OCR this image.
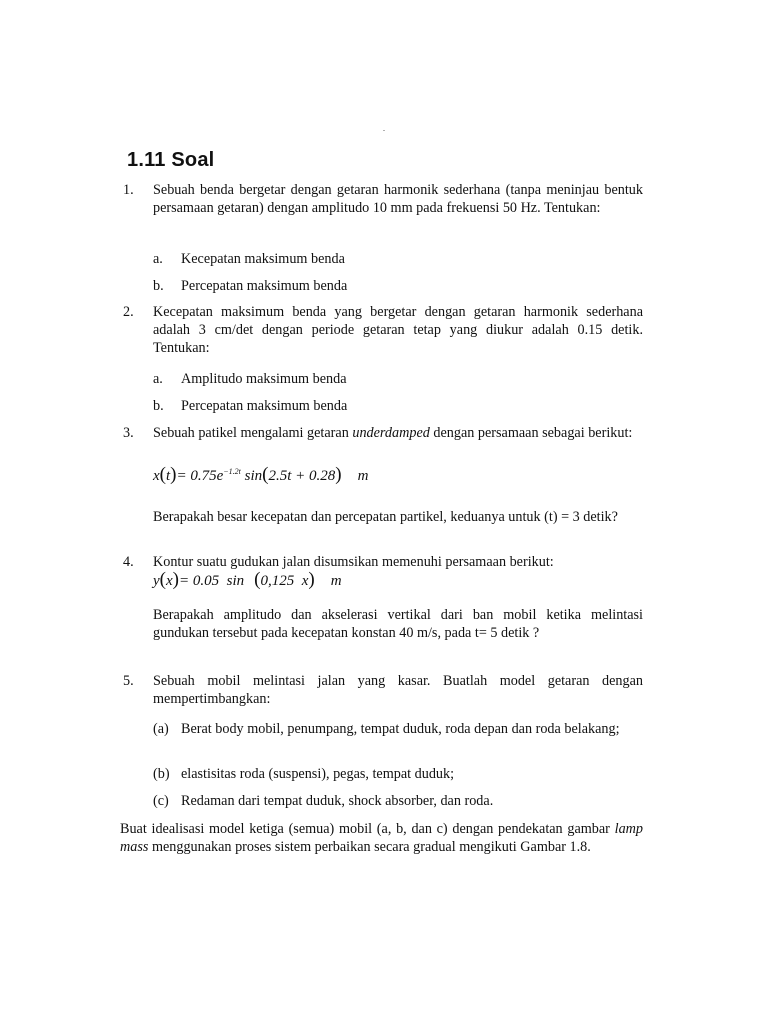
1.11 Soal
1.	Sebuah benda bergetar dengan getaran harmonik sederhana (tanpa meninjau bentuk persamaan getaran) dengan amplitudo 10 mm pada frekuensi 50 Hz. Tentukan:
a. Kecepatan maksimum benda
b. Percepatan maksimum benda
2.	Kecepatan maksimum benda yang bergetar dengan getaran harmonik sederhana adalah 3 cm/det dengan periode getaran tetap yang diukur adalah 0.15 detik. Tentukan:
a. Amplitudo maksimum benda
b. Percepatan maksimum benda
3.	Sebuah patikel mengalami getaran underdamped dengan persamaan sebagai berikut:
$x(t)= 0.75e^{-1.2t}$ sin(2.5t + 0.28) m
Berapakah besar kecepatan dan percepatan partikel, keduanya untuk (t) = 3 detik?
4.	Kontur suatu gudukan jalan disumsikan memenuhi persamaan berikut:
y(x)= 0.05  sin (0,125  x) m
Berapakah amplitudo dan akselerasi vertikal dari ban mobil ketika melintasi gundukan tersebut pada kecepatan konstan 40 m/s, pada t= 5 detik ?
5.	Sebuah mobil melintasi jalan yang kasar. Buatlah model getaran dengan mempertimbangkan:
(a) Berat body mobil, penumpang, tempat duduk, roda depan dan roda belakang;
(b) elastisitas roda (suspensi), pegas, tempat duduk;
(c) Redaman dari tempat duduk, shock absorber, dan roda.
Buat idealisasi model ketiga (semua) mobil (a, b, dan c) dengan pendekatan gambar lamp mass menggunakan proses sistem perbaikan secara gradual mengikuti Gambar 1.8.
